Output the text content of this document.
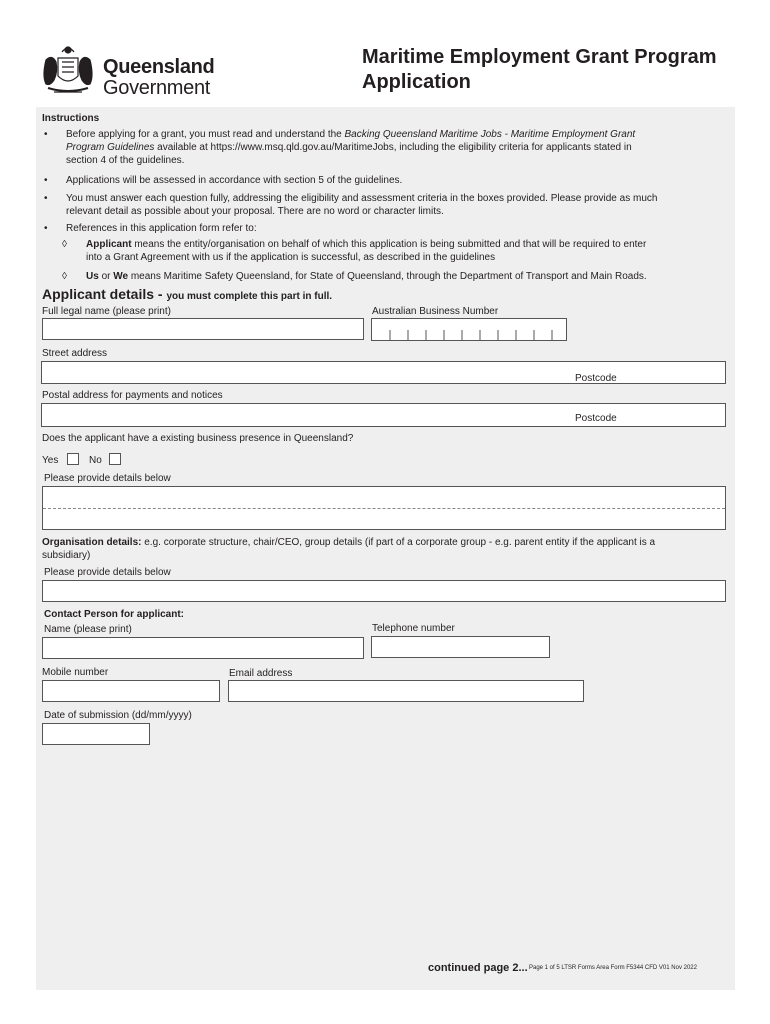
Queensland
Government
Maritime Employment Grant Program
Application
Instructions
• Before applying for a grant, you must read and understand the Backing Queensland Maritime Jobs - Maritime Employment Grant
Program Guidelines available at https://www.msq.qld.gov.au/MaritimeJobs, including the eligibility criteria for applicants stated in
section 4 of the guidelines.
• Applications will be assessed in accordance with section 5 of the guidelines.
• You must answer each question fully, addressing the eligibility and assessment criteria in the boxes provided. Please provide as much
relevant detail as possible about your proposal. There are no word or character limits.
• References in this application form refer to:
◊ Applicant means the entity/organisation on behalf of which this application is being submitted and that will be required to enter
into a Grant Agreement with us if the application is successful, as described in the guidelines
◊ Us or We means Maritime Safety Queensland, for State of Queensland, through the Department of Transport and Main Roads.
Applicant details - you must complete this part in full.
Full legal name (please print)	Australian Business Number
Street address
Postcode
Postal address for payments and notices
Postcode
Does the applicant have a existing business presence in Queensland?
Yes	No
Please provide details below
Organisation details: e.g. corporate structure, chair/CEO, group details (if part of a corporate group - e.g. parent entity if the applicant is a
subsidiary)
Please provide details below
Contact Person for applicant:
Name (please print)	Telephone number
Mobile number	Email address
Date of submission (dd/mm/yyyy)
continued page 2... Page 1 of 5 LTSR Forms Area Form F5344 CFD V01 Nov 2022
